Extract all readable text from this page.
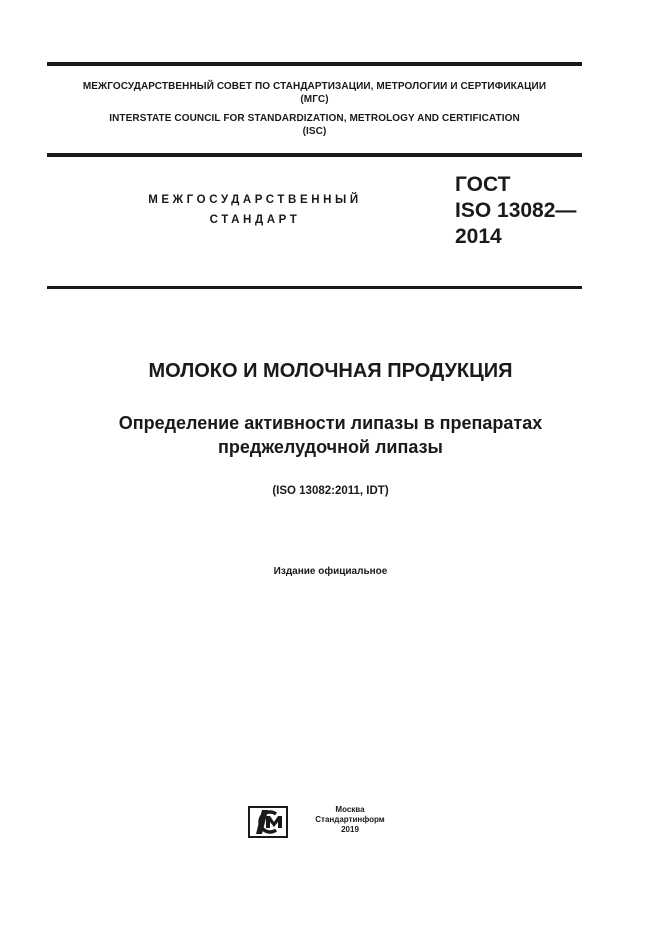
МЕЖГОСУДАРСТВЕННЫЙ СОВЕТ ПО СТАНДАРТИЗАЦИИ, МЕТРОЛОГИИ И СЕРТИФИКАЦИИ
(МГС)
INTERSTATE COUNCIL FOR STANDARDIZATION, METROLOGY AND CERTIFICATION
(ISC)
МЕЖГОСУДАРСТВЕННЫЙ
СТАНДАРТ
ГОСТ
ISO 13082—
2014
МОЛОКО И МОЛОЧНАЯ ПРОДУКЦИЯ
Определение активности липазы в препаратах
преджелудочной липазы
(ISO 13082:2011, IDT)
Издание официальное
Москва
Стандартинформ
2019
